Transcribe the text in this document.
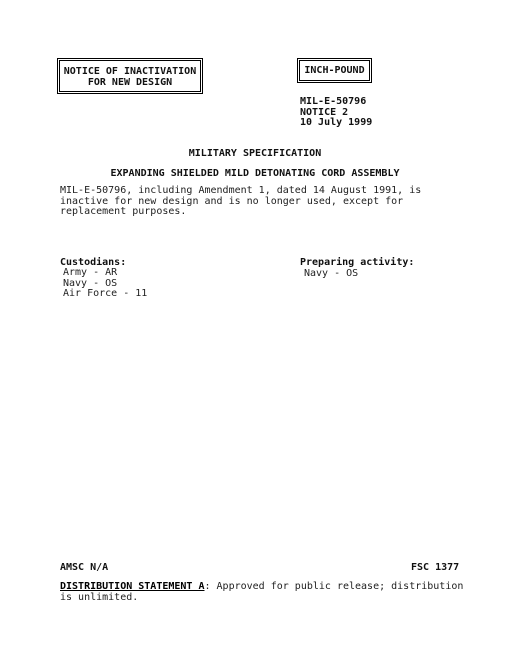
NOTICE OF INACTIVATION
FOR NEW DESIGN
INCH-POUND
MIL-E-50796
NOTICE 2
10 July 1999
MILITARY SPECIFICATION
EXPANDING SHIELDED MILD DETONATING CORD ASSEMBLY
MIL-E-50796, including Amendment 1, dated 14 August 1991, is inactive for new design and is no longer used, except for replacement purposes.
Custodians:
Army - AR
Navy - OS
Air Force - 11
Preparing activity:
Navy - OS
AMSC N/A	FSC 1377
DISTRIBUTION STATEMENT A: Approved for public release; distribution is unlimited.
